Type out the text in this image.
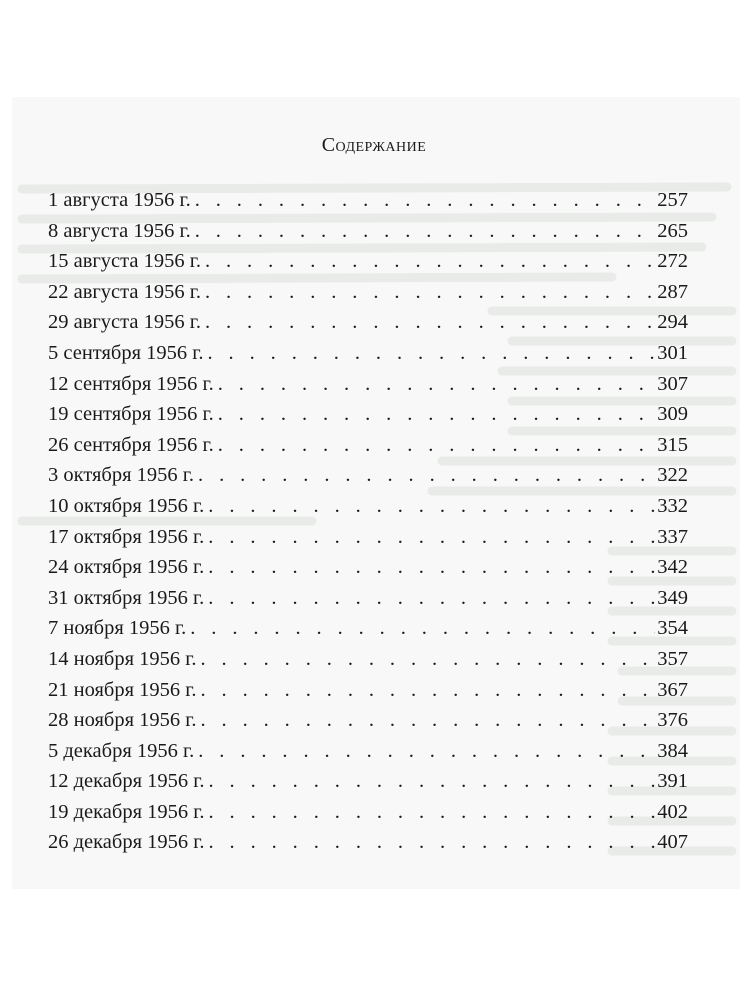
Содержание
1 августа 1956 г. . . .	257
8 августа 1956 г. . . .	265
15 августа 1956 г. . . .	272
22 августа 1956 г. . . .	287
29 августа 1956 г. . . .	294
5 сентября 1956 г. . . .	301
12 сентября 1956 г. . . .	307
19 сентября 1956 г. . . .	309
26 сентября 1956 г. . . .	315
3 октября 1956 г. . . .	322
10 октября 1956 г. . . .	332
17 октября 1956 г. . . .	337
24 октября 1956 г. . . .	342
31 октября 1956 г. . . .	349
7 ноября 1956 г. . . .	354
14 ноября 1956 г. . . .	357
21 ноября 1956 г. . . .	367
28 ноября 1956 г. . . .	376
5 декабря 1956 г. . . .	384
12 декабря 1956 г. . . .	391
19 декабря 1956 г. . . .	402
26 декабря 1956 г. . . .	407
